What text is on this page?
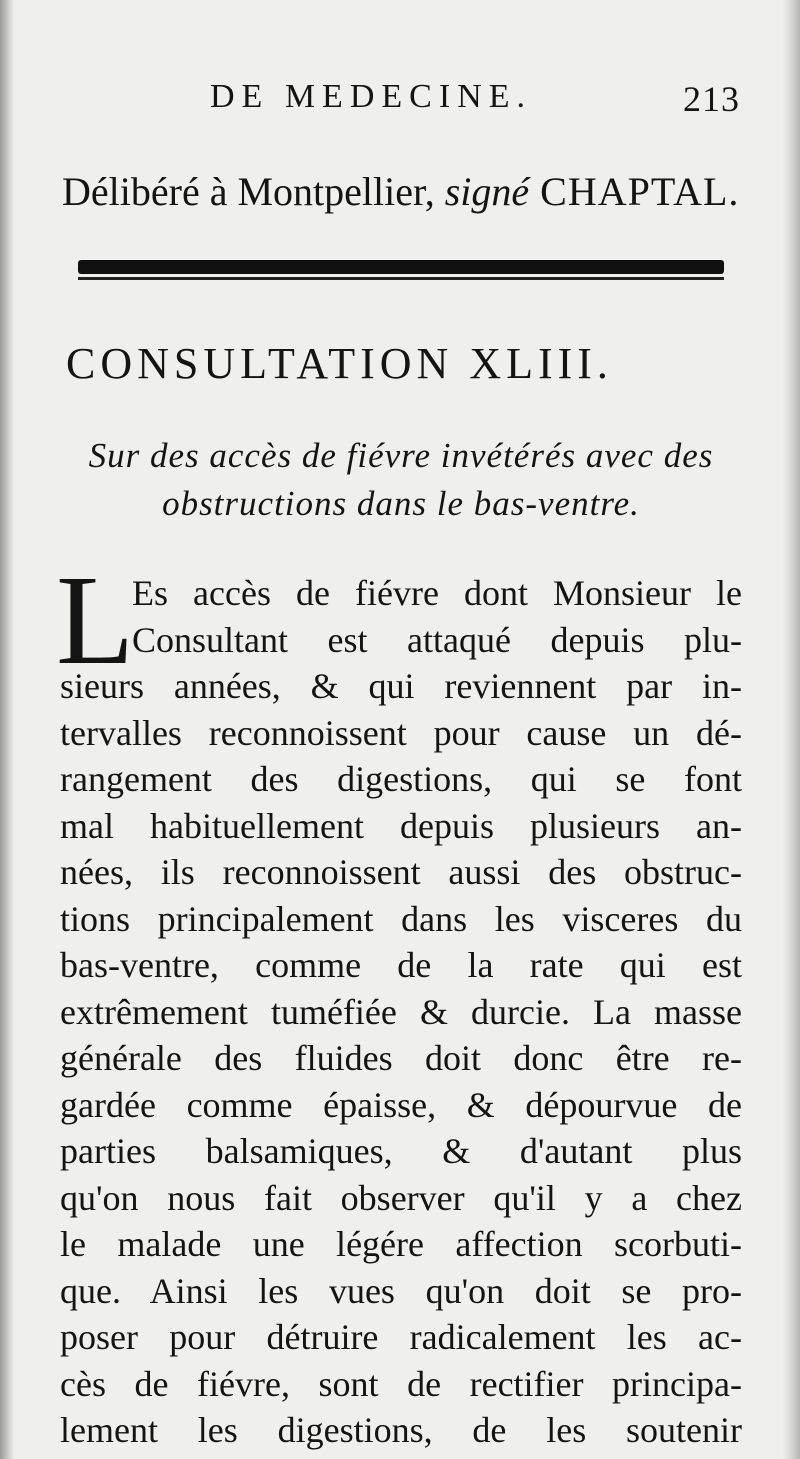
DE MEDECINE.	213
Délibéré à Montpellier, signé CHAPTAL.
CONSULTATION XLIII.
Sur des accès de fiévre invétérés avec des
obstructions dans le bas-ventre.
L
Es accès de fiévre dont Monsieur le
Consultant est attaqué depuis plu-
sieurs années, & qui reviennent par in-
tervalles reconnoissent pour cause un dé-
rangement des digestions, qui se font
mal habituellement depuis plusieurs an-
nées, ils reconnoissent aussi des obstruc-
tions principalement dans les visceres du
bas-ventre, comme de la rate qui est
extrêmement tuméfiée & durcie. La masse
générale des fluides doit donc être re-
gardée comme épaisse, & dépourvue de
parties balsamiques, & d'autant plus
qu'on nous fait observer qu'il y a chez
le malade une légére affection scorbuti-
que. Ainsi les vues qu'on doit se pro-
poser pour détruire radicalement les ac-
cès de fiévre, sont de rectifier principa-
lement les digestions, de les soutenir
